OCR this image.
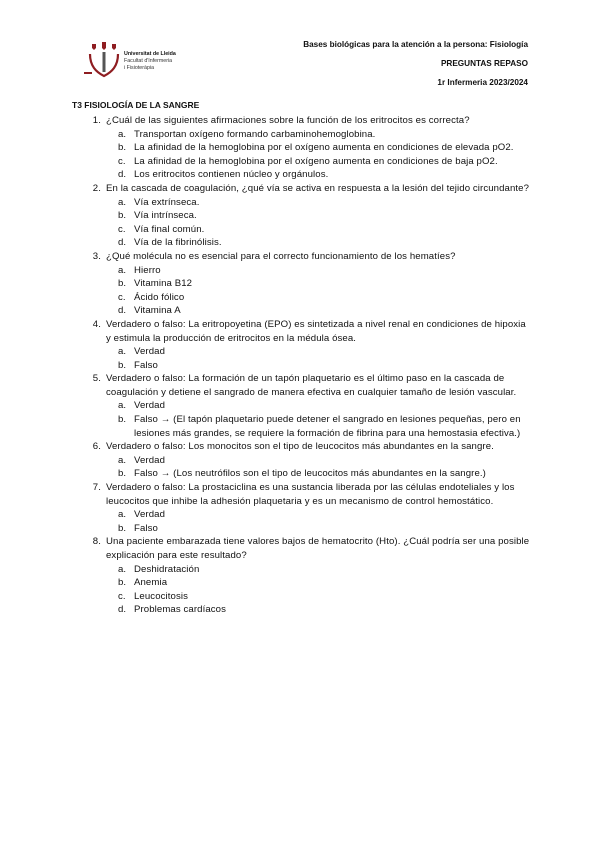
Universitat de Lleida
Facultat d'Infermeria
i Fisioteràpia
Bases biológicas para la atención a la persona: Fisiología
PREGUNTAS REPASO
1r Infermeria 2023/2024
T3 FISIOLOGÍA DE LA SANGRE
1. ¿Cuál de las siguientes afirmaciones sobre la función de los eritrocitos es correcta?
a. Transportan oxígeno formando carbaminohemoglobina.
b. La afinidad de la hemoglobina por el oxígeno aumenta en condiciones de elevada pO2.
c. La afinidad de la hemoglobina por el oxígeno aumenta en condiciones de baja pO2.
d. Los eritrocitos contienen núcleo y orgánulos.
2. En la cascada de coagulación, ¿qué vía se activa en respuesta a la lesión del tejido circundante?
a. Vía extrínseca.
b. Vía intrínseca.
c. Vía final común.
d. Vía de la fibrinólisis.
3. ¿Qué molécula no es esencial para el correcto funcionamiento de los hematíes?
a. Hierro
b. Vitamina B12
c. Ácido fólico
d. Vitamina A
4. Verdadero o falso: La eritropoyetina (EPO) es sintetizada a nivel renal en condiciones de hipoxia y estimula la producción de eritrocitos en la médula ósea.
a. Verdad
b. Falso
5. Verdadero o falso: La formación de un tapón plaquetario es el último paso en la cascada de coagulación y detiene el sangrado de manera efectiva en cualquier tamaño de lesión vascular.
a. Verdad
b. Falso → (El tapón plaquetario puede detener el sangrado en lesiones pequeñas, pero en lesiones más grandes, se requiere la formación de fibrina para una hemostasia efectiva.)
6. Verdadero o falso: Los monocitos son el tipo de leucocitos más abundantes en la sangre.
a. Verdad
b. Falso → (Los neutrófilos son el tipo de leucocitos más abundantes en la sangre.)
7. Verdadero o falso: La prostaciclina es una sustancia liberada por las células endoteliales y los leucocitos que inhibe la adhesión plaquetaria y es un mecanismo de control hemostático.
a. Verdad
b. Falso
8. Una paciente embarazada tiene valores bajos de hematocrito (Hto). ¿Cuál podría ser una posible explicación para este resultado?
a. Deshidratación
b. Anemia
c. Leucocitosis
d. Problemas cardíacos
